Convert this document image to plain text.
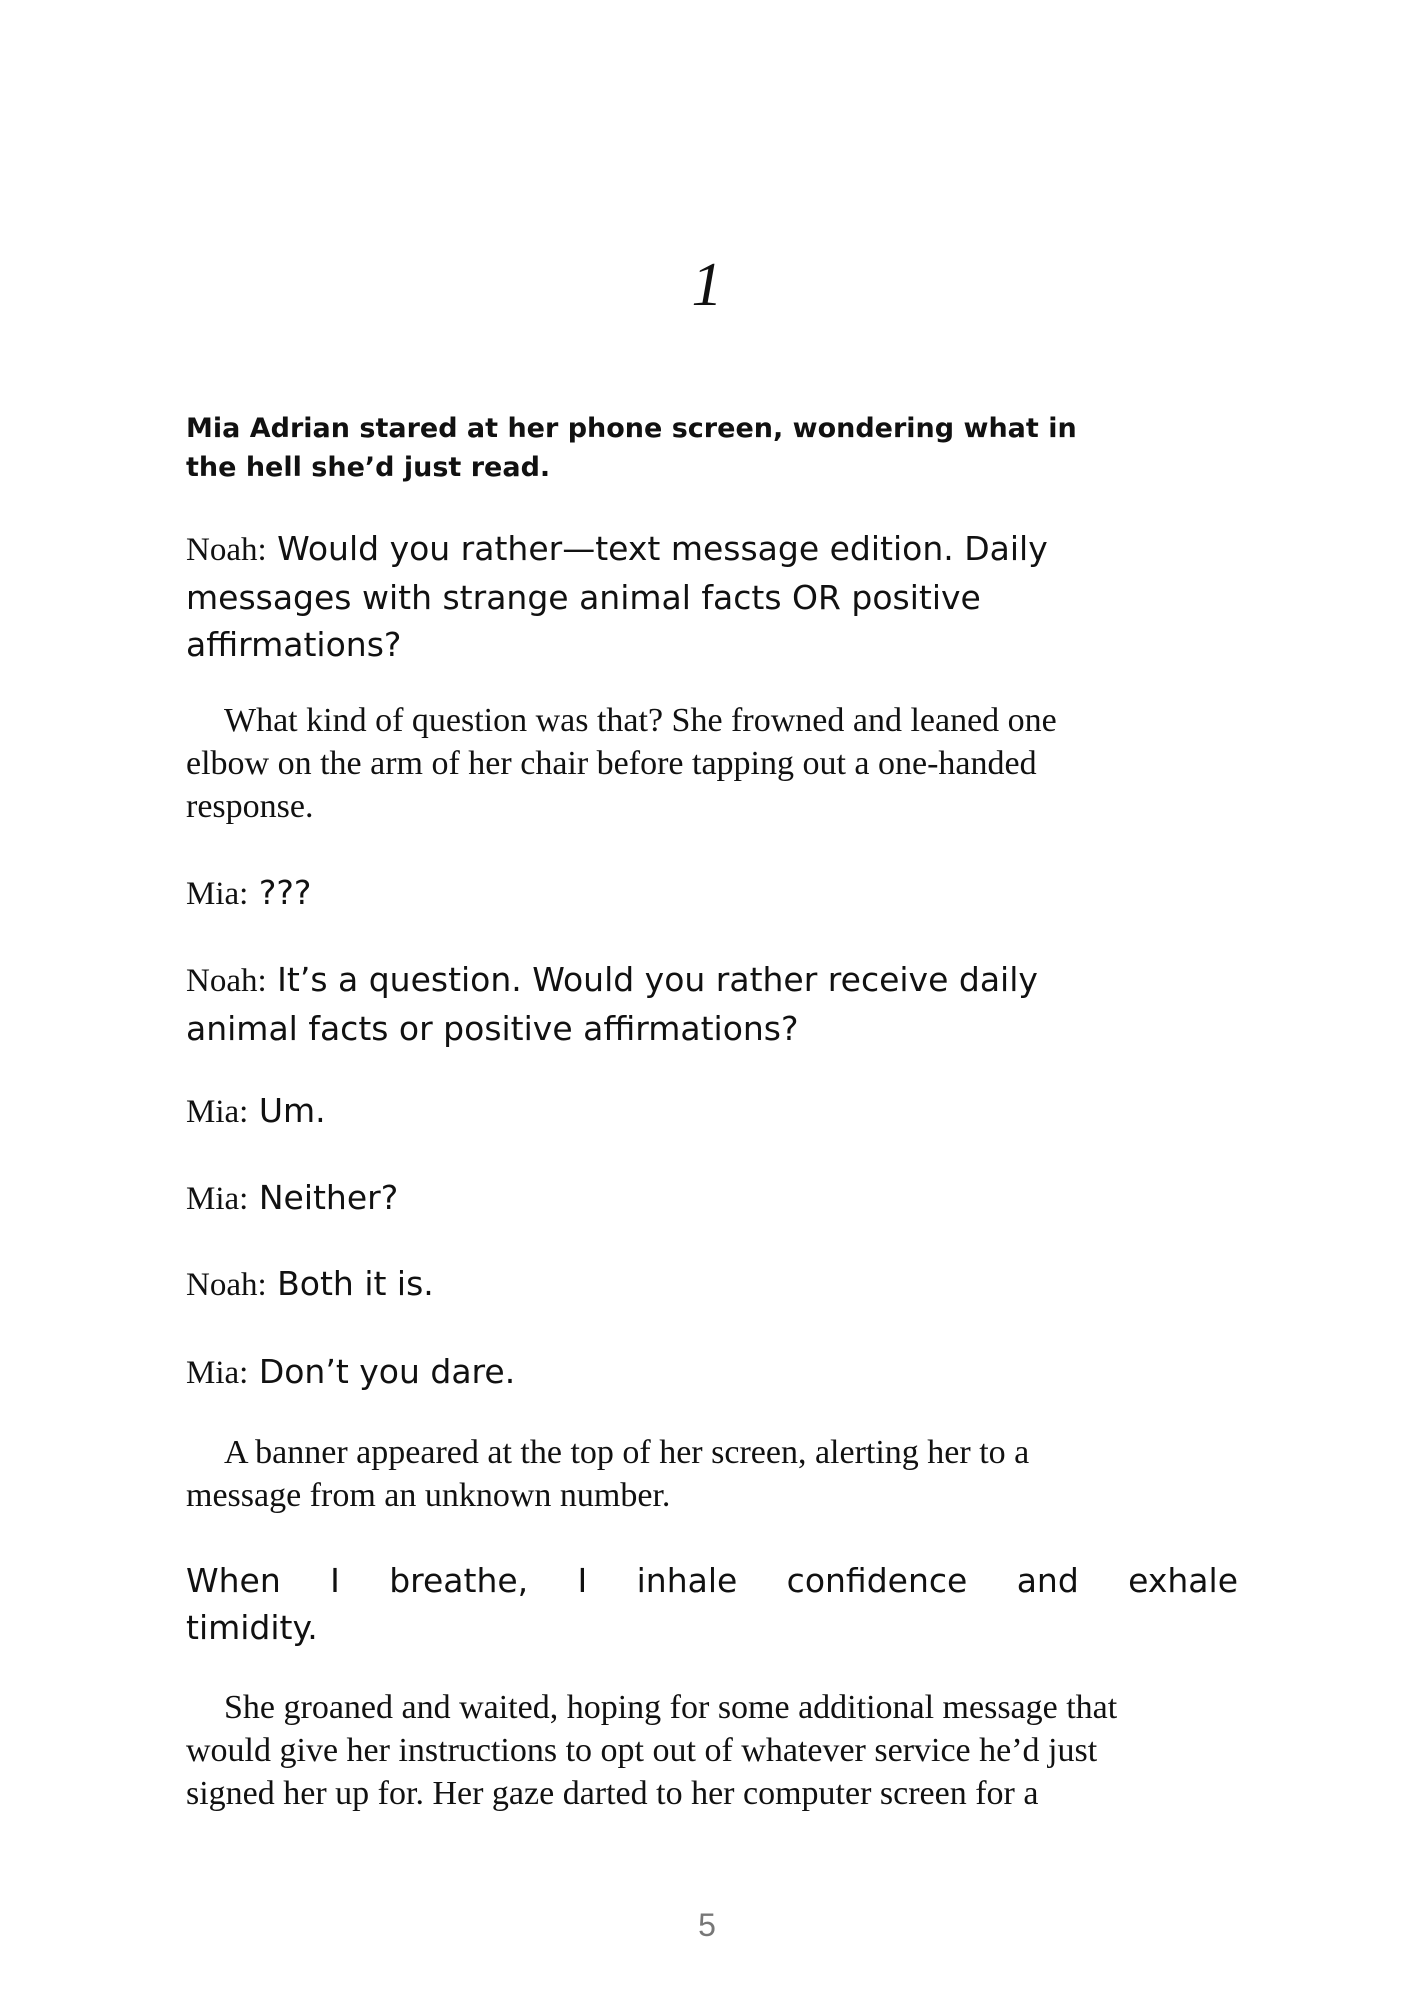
1
Mia Adrian stared at her phone screen, wondering what in
the hell she’d just read.
Noah: Would you rather—text message edition. Daily
messages with strange animal facts OR positive
affirmations?
What kind of question was that? She frowned and leaned one
elbow on the arm of her chair before tapping out a one-handed
response.
Mia: ???
Noah: It’s a question. Would you rather receive daily
animal facts or positive affirmations?
Mia: Um.
Mia: Neither?
Noah: Both it is.
Mia: Don’t you dare.
A banner appeared at the top of her screen, alerting her to a
message from an unknown number.
When I breathe, I inhale confidence and exhale
timidity.
She groaned and waited, hoping for some additional message that
would give her instructions to opt out of whatever service he’d just
signed her up for. Her gaze darted to her computer screen for a
5
